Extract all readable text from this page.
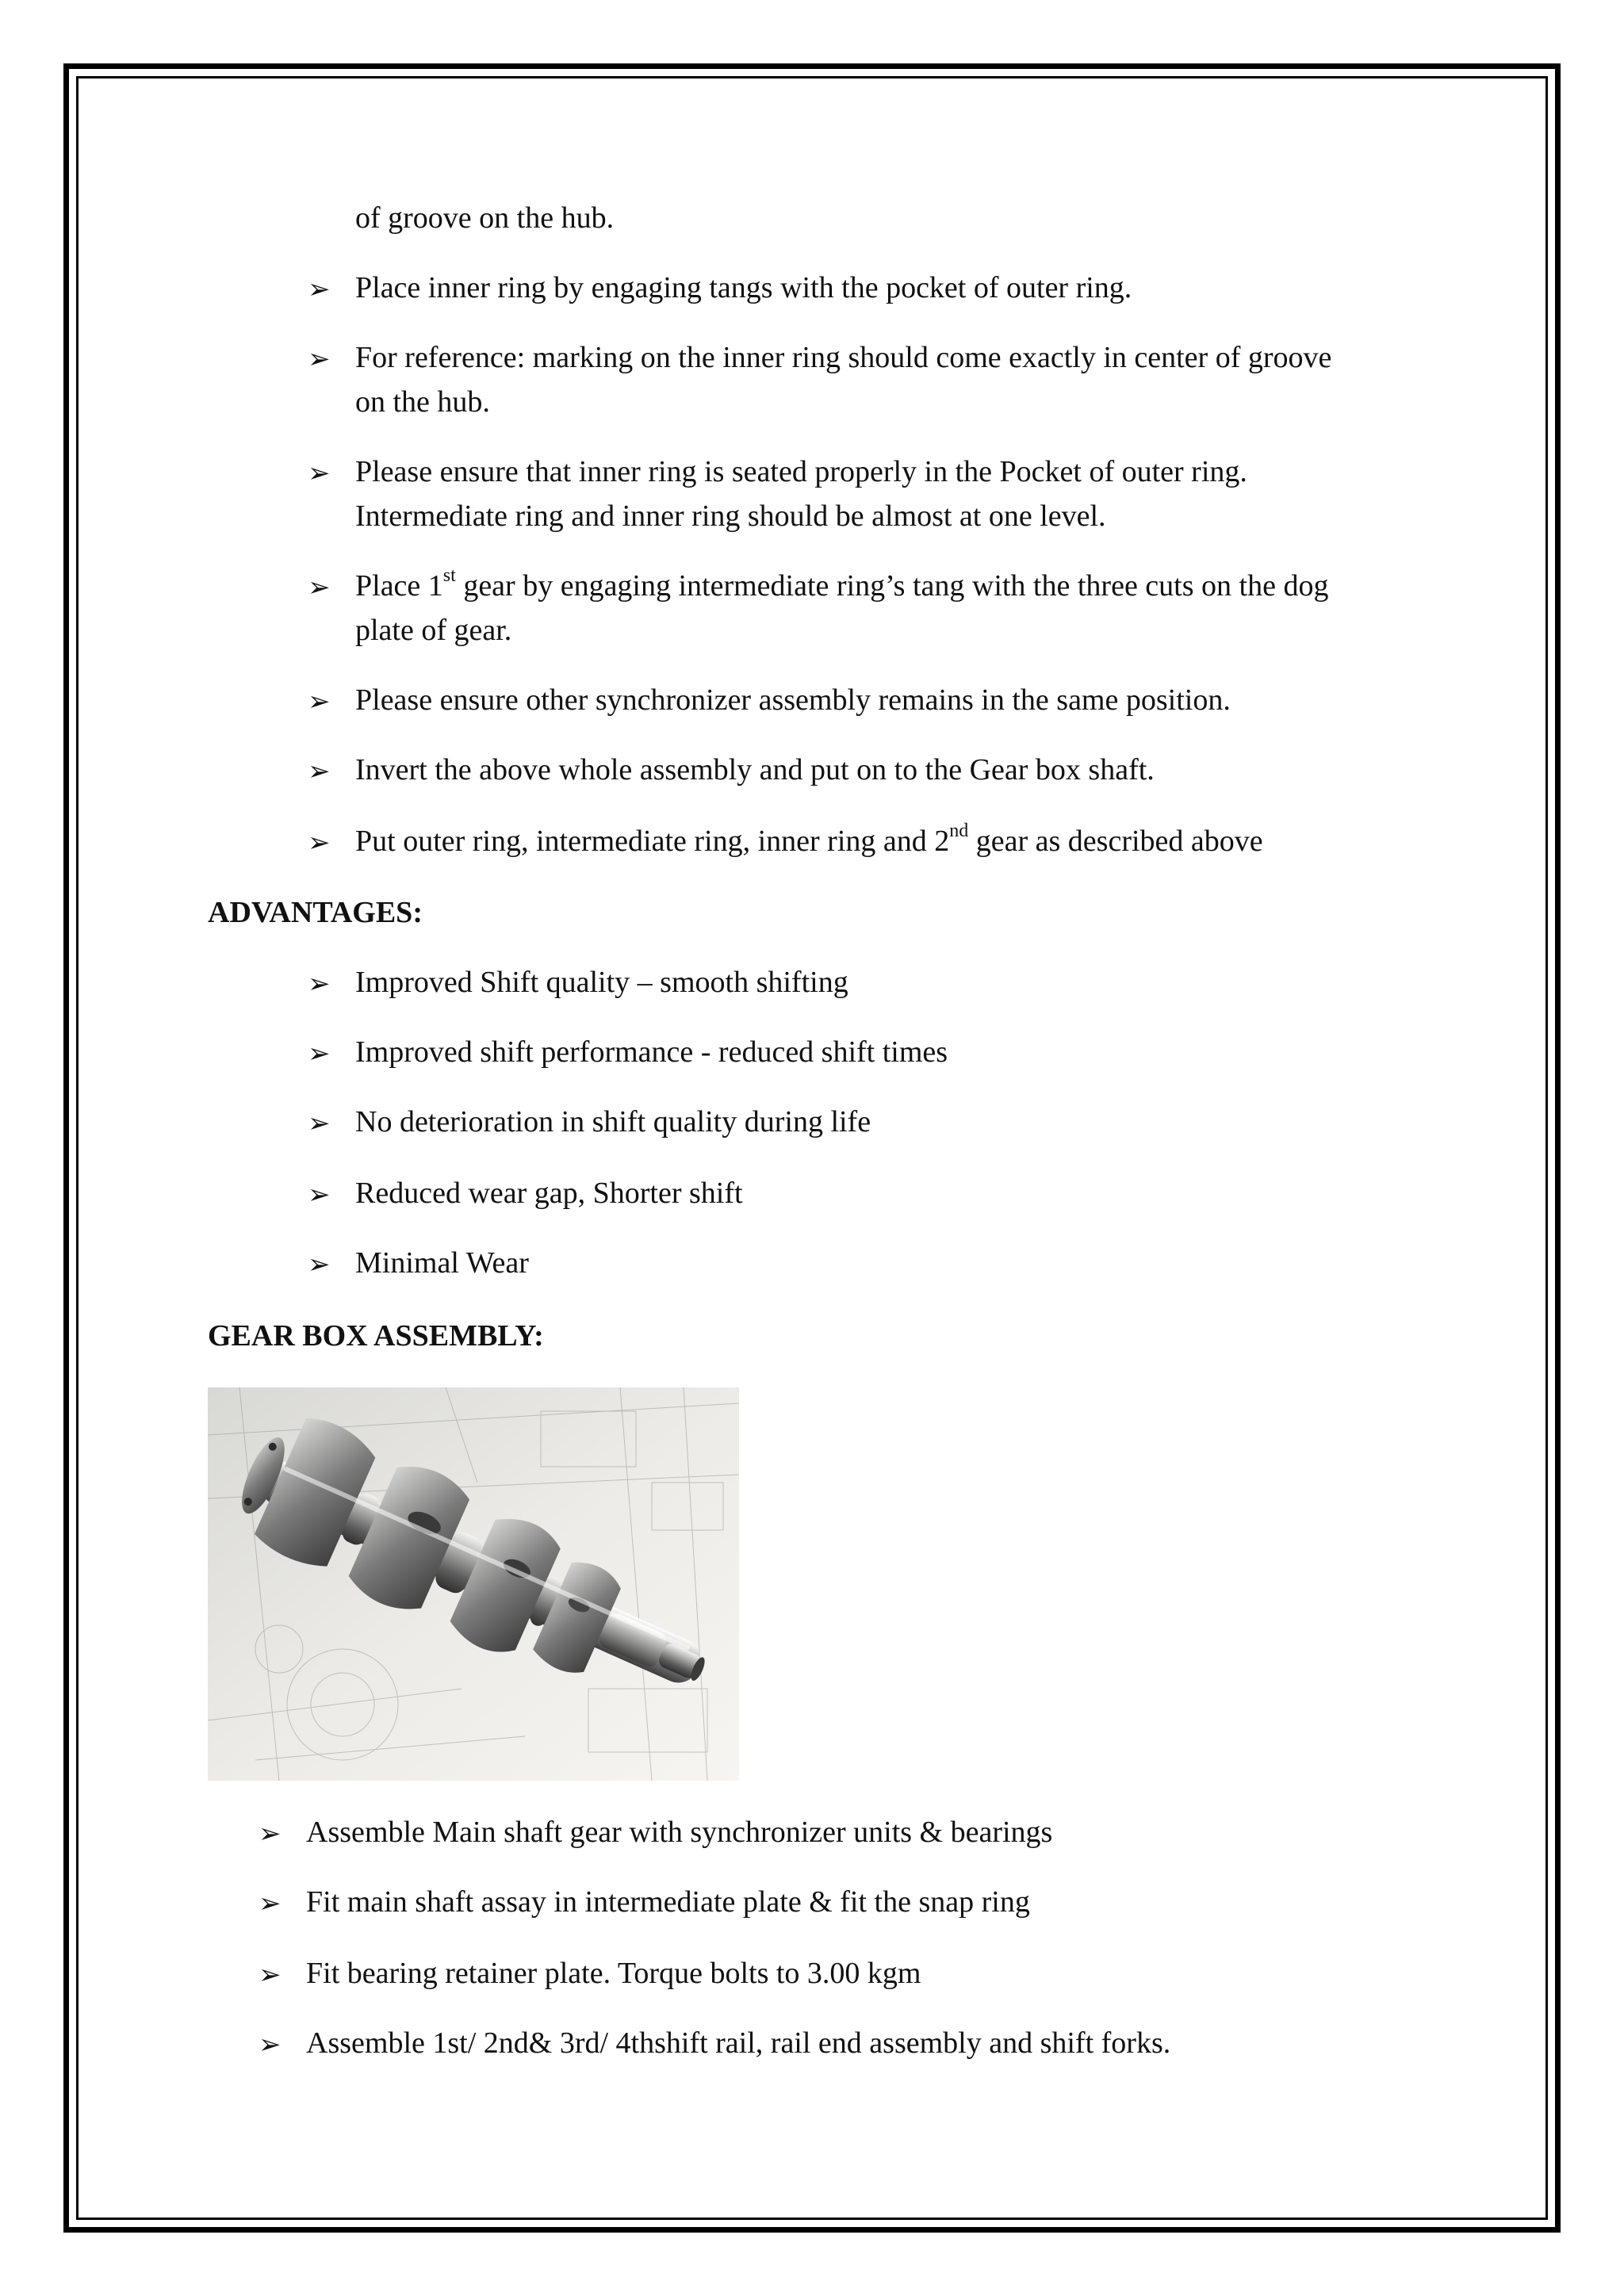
of groove on the hub.
➢ Place inner ring by engaging tangs with the pocket of outer ring.
➢ For reference: marking on the inner ring should come exactly in center of groove
on the hub.
➢ Please ensure that inner ring is seated properly in the Pocket of outer ring.
Intermediate ring and inner ring should be almost at one level.
➢ Place 1st gear by engaging intermediate ring’s tang with the three cuts on the dog
plate of gear.
➢ Please ensure other synchronizer assembly remains in the same position.
➢ Invert the above whole assembly and put on to the Gear box shaft.
➢ Put outer ring, intermediate ring, inner ring and 2nd gear as described above
ADVANTAGES:
➢ Improved Shift quality – smooth shifting
➢ Improved shift performance - reduced shift times
➢ No deterioration in shift quality during life
➢ Reduced wear gap, Shorter shift
➢ Minimal Wear
GEAR BOX ASSEMBLY:
➢ Assemble Main shaft gear with synchronizer units & bearings
➢ Fit main shaft assay in intermediate plate & fit the snap ring
➢ Fit bearing retainer plate. Torque bolts to 3.00 kgm
➢ Assemble 1st/ 2nd& 3rd/ 4thshift rail, rail end assembly and shift forks.
